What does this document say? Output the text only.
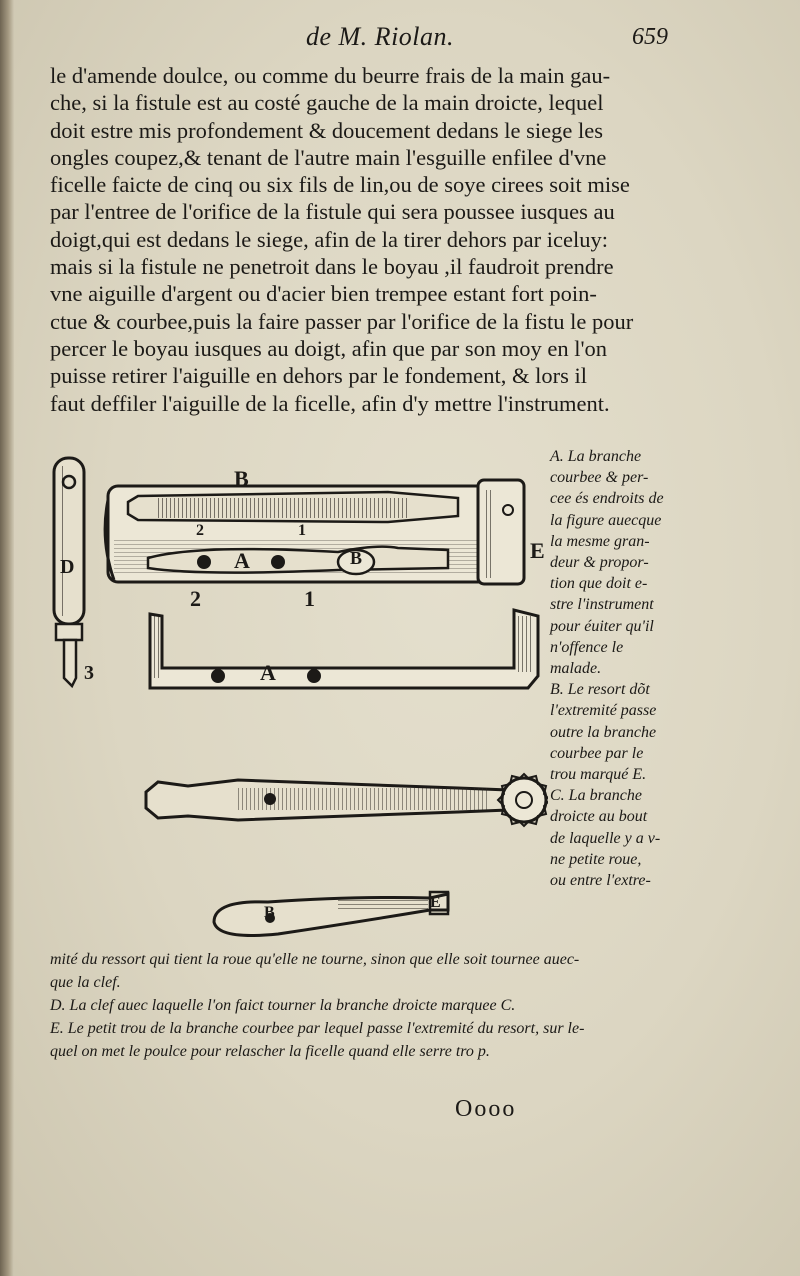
de M. Riolan.	659
le d'amende doulce, ou comme du beurre frais de la main gau-
che, si la fistule est au costé gauche de la main droicte, lequel
doit estre mis profondement & doucement dedans le siege les
ongles coupez,& tenant de l'autre main l'esguille enfilee d'vne
ficelle faicte de cinq ou six fils de lin,ou de soye cirees soit mise
par l'entree de l'orifice de la fistule qui sera poussee iusques au
doigt,qui est dedans le siege, afin de la tirer dehors par iceluy:
mais si la fistule ne penetroit dans le boyau ,il faudroit prendre
vne aiguille d'argent ou d'acier bien trempee estant fort poin-
ctue & courbee,puis la faire passer par l'orifice de la fistu le pour
percer le boyau iusques au doigt, afin que par son moy en l'on
puisse retirer l'aiguille en dehors par le fondement, & lors il
faut deffiler l'aiguille de la ficelle, afin d'y mettre l'instrument.
B
2	1
A	B	E
2	1
D
3	A
B
E
A. La branche
courbee & per-
cee és endroits de
la figure auecque
la mesme gran-
deur & propor-
tion que doit e-
stre l'instrument
pour éuiter qu'il
n'offence le
malade.
B. Le resort dõt
l'extremité passe
outre la branche
courbee par le
trou marqué E.
C. La branche
droicte au bout
de laquelle y a v-
ne petite roue,
ou entre l'extre-
mité du ressort qui tient la roue qu'elle ne tourne, sinon que elle soit tournee auec-
que la clef.
D. La clef auec laquelle l'on faict tourner la branche droicte marquee C.
E. Le petit trou de la branche courbee par lequel passe l'extremité du resort, sur le-
quel on met le poulce pour relascher la ficelle quand elle serre tro p.
Oooo
